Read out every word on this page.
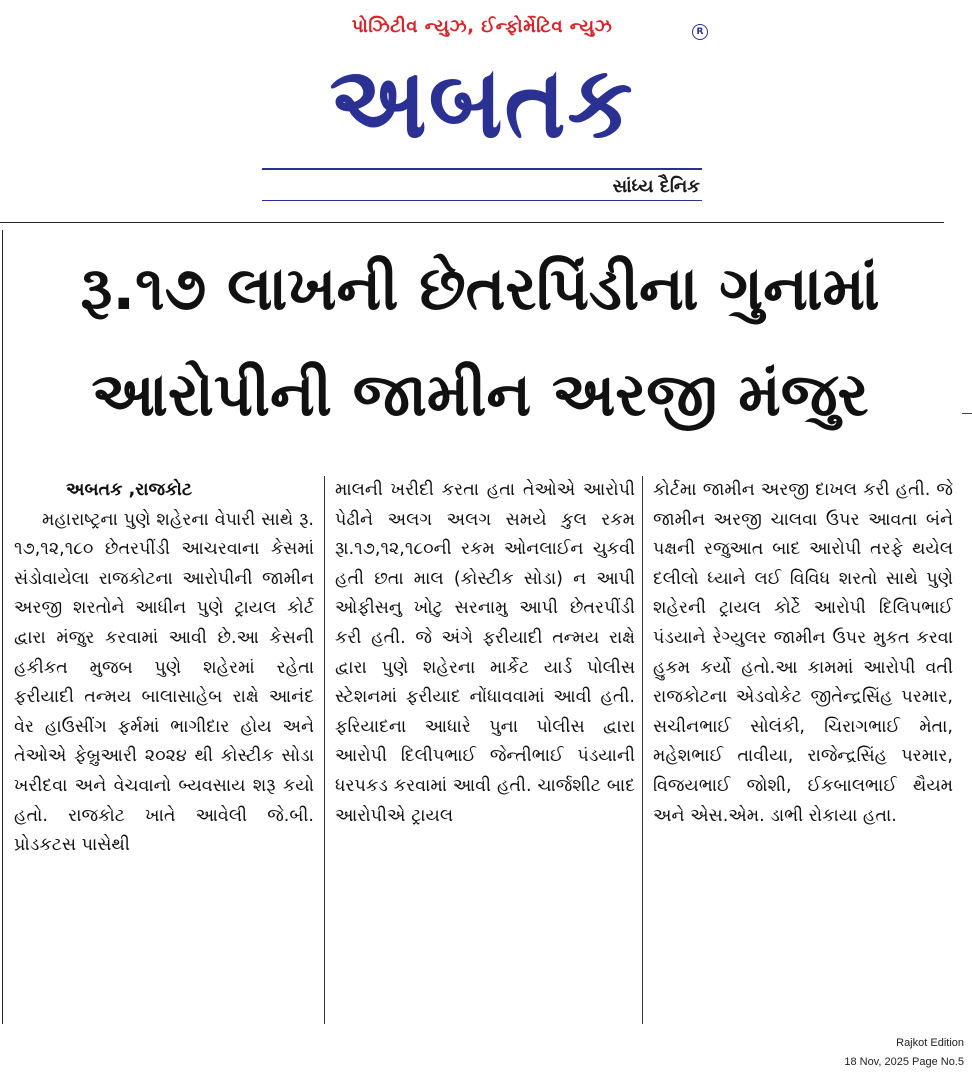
પોઝિટીવ ન્યુઝ, ઈન્ફોર્મેટિવ ન્યુઝ	R
અબતક
સાંધ્ય દૈનિક
રૂ.૧૭ લાખની છેતરપિંડીના ગુનામાં
આરોપીની જામીન અરજી મંજુર

અબતક ,રાજકોટ

મહારાષ્ટ્રના પુણે શહેરના વેપારી સાથે રૂ. ૧૭,૧૨,૧૮૦ છેતરપીંડી આચરવાના કેસમાં સંડોવાયેલા રાજકોટના આરોપીની જામીન અરજી શરતોને આધીન પુણે ટ્રાયલ કોર્ટ દ્વારા મંજુર કરવામાં આવી છે.આ કેસની હકીકત મુજબ પુણે શહેરમાં રહેતા ફરીયાદી તન્મય બાલાસાહેબ રાક્ષે આનંદ વેર હાઉસીંગ ફર્મમાં ભાગીદાર હોય અને તેઓએ ફેબ્રુઆરી ૨૦૨૪ થી કોસ્ટીક સોડા ખરીદવા અને વેચવાનો બ્યવસાય શરૂ કયો હતો. રાજકોટ ખાતે આવેલી જે.બી. પ્રોડકટસ પાસેથી

માલની ખરીદી કરતા હતા તેઓએ આરોપી પેઢીને અલગ અલગ સમયે કુલ રકમ રૂા.૧૭,૧૨,૧૮૦ની રકમ ઓનલાઈન ચુકવી હતી છતા માલ (કોસ્ટીક સોડા) ન આપી ઓફીસનુ ખોટુ સરનામુ આપી છેતરપીંડી કરી હતી. જે અંગે ફરીયાદી તન્મય રાક્ષે દ્વારા પુણે શહેરના માર્કેટ યાર્ડ પોલીસ સ્ટેશનમાં ફરીયાદ નોંધાવવામાં આવી હતી. ફરિયાદના આધારે પુના પોલીસ દ્વારા આરોપી દિલીપભાઈ જેન્તીભાઈ પંડયાની ધરપકડ કરવામાં આવી હતી. ચાર્જશીટ બાદ આરોપીએ ટ્રાયલ

કોર્ટમા જામીન અરજી દાખલ કરી હતી. જે જામીન અરજી ચાલવા ઉપર આવતા બંને પક્ષની રજુઆત બાદ આરોપી તરફે થયેલ દલીલો ધ્યાને લઈ વિવિધ શરતો સાથે પુણે શહેરની ટ્રાયલ કોર્ટે આરોપી દિલિપભાઈ પંડયાને રેગ્યુલર જામીન ઉપર મુકત કરવા હુકમ કર્યો હતો.આ કામમાં આરોપી વતી રાજકોટના એડવોકેટ જીતેન્દ્રસિંહ પરમાર, સચીનભાઈ સોલંકી, ચિરાગભાઈ મેતા, મહેશભાઈ તાવીયા, રાજેન્દ્રસિંહ પરમાર, વિજયભાઈ જોશી, ઈકબાલભાઈ થૈયમ અને એસ.એમ. ડાભી રોકાયા હતા.

Rajkot Edition
18 Nov, 2025 Page No.5
